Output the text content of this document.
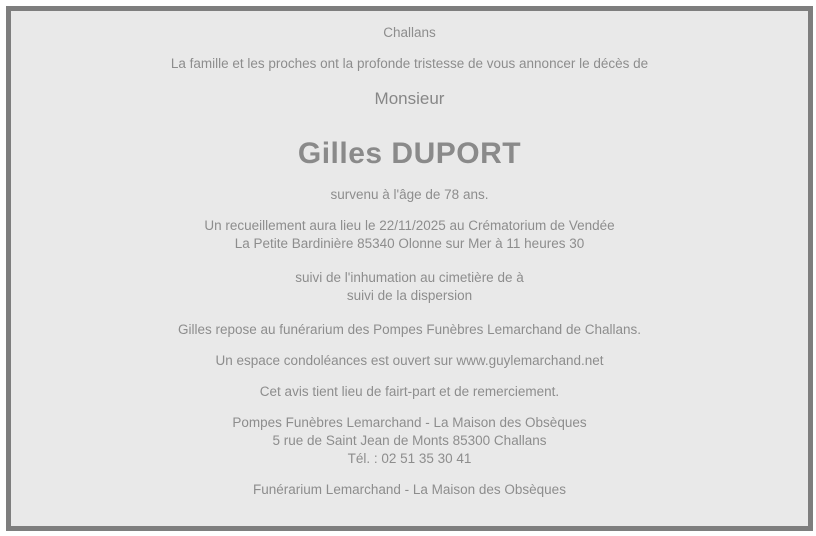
Challans

La famille et les proches ont la profonde tristesse de vous annoncer le décès de

Monsieur

Gilles DUPORT

survenu à l'âge de 78 ans.

Un recueillement aura lieu le 22/11/2025 au Crématorium de Vendée
La Petite Bardinière 85340 Olonne sur Mer à 11 heures 30

suivi de l'inhumation au cimetière de à
suivi de la dispersion

Gilles repose au funérarium des Pompes Funèbres Lemarchand de Challans.

Un espace condoléances est ouvert sur www.guylemarchand.net

Cet avis tient lieu de fairt-part et de remerciement.

Pompes Funèbres Lemarchand - La Maison des Obsèques
5 rue de Saint Jean de Monts 85300 Challans
Tél. : 02 51 35 30 41

Funérarium Lemarchand - La Maison des Obsèques
